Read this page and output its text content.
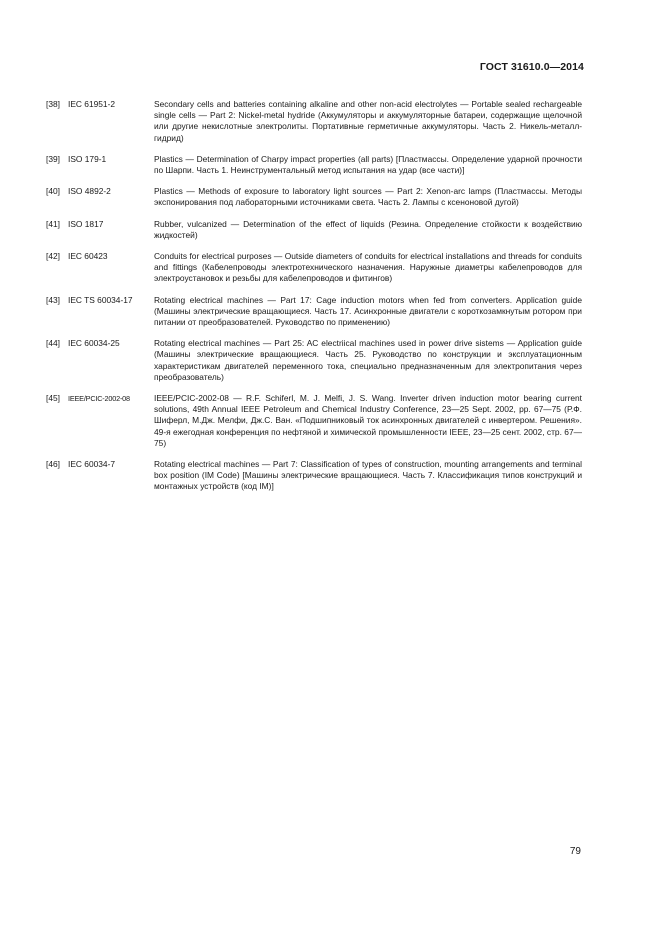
ГОСТ 31610.0—2014
[38] IEC 61951-2	Secondary cells and batteries containing alkaline and other non-acid electrolytes — Portable sealed rechargeable single cells — Part 2: Nickel-metal hydride (Аккумуляторы и аккумуляторные батареи, содержащие щелочной или другие некислотные электролиты. Портативные герметичные аккумуляторы. Часть 2. Никель-металл-гидрид)
[39] ISO 179-1	Plastics — Determination of Charpy impact properties (all parts) [Пластмассы. Определение ударной прочности по Шарпи. Часть 1. Неинструментальный метод испытания на удар (все части)]
[40] ISO 4892-2	Plastics — Methods of exposure to laboratory light sources — Part 2: Xenon-arc lamps (Пластмассы. Методы экспонирования под лабораторными источниками света. Часть 2. Лампы с ксеноновой дугой)
[41] ISO 1817	Rubber, vulcanized — Determination of the effect of liquids (Резина. Определение стойкости к воздействию жидкостей)
[42] IEC 60423	Conduits for electrical purposes — Outside diameters of conduits for electrical installations and threads for conduits and fittings (Кабелепроводы электротехнического назначения. Наружные диаметры кабелепроводов для электроустановок и резьбы для кабелепроводов и фитингов)
[43] IEC TS 60034-17	Rotating electrical machines — Part 17: Cage induction motors when fed from converters. Application guide (Машины электрические вращающиеся. Часть 17. Асинхронные двигатели с короткозамкнутым ротором при питании от преобразователей. Руководство по применению)
[44] IEC 60034-25	Rotating electrical machines — Part 25: AC electriical machines used in power drive sistems — Application guide (Машины электрические вращающиеся. Часть 25. Руководство по конструкции и эксплуатационным характеристикам двигателей переменного тока, специально предназначенным для электропитания через преобразователь)
[45]	IEEE/PCIC-2002-08	IEEE/PCIC-2002-08 — R.F. Schiferl, M. J. Melfi, J. S. Wang. Inverter driven induction motor bearing current solutions, 49th Annual IEEE Petroleum and Chemical Industry Conference, 23—25 Sept. 2002, pp. 67—75 (Р.Ф. Шиферл, М.Дж. Мелфи, Дж.С. Ван. «Подшипниковый ток асинхронных двигателей с инвертером. Решения». 49-я ежегодная конференция по нефтяной и химической промышленности IEEE, 23—25 сент. 2002, стр. 67—75)
[46] IEC 60034-7	Rotating electrical machines — Part 7: Classification of types of construction, mounting arrangements and terminal box position (IM Code) [Машины электрические вращающиеся. Часть 7. Классификация типов конструкций и монтажных устройств (код IM)]
79
